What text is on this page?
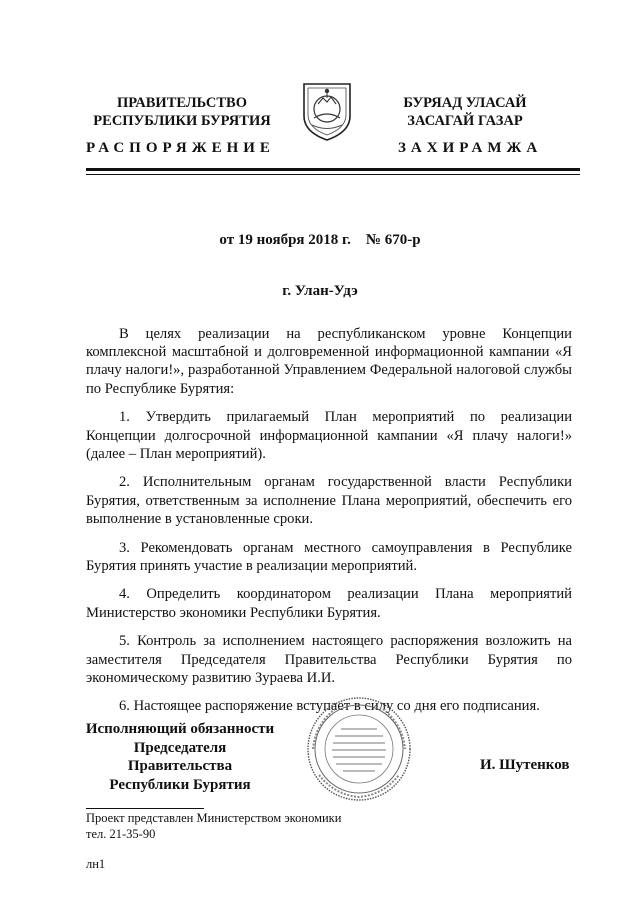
ПРАВИТЕЛЬСТВО
РЕСПУБЛИКИ БУРЯТИЯ
БУРЯАД УЛАСАЙ
ЗАСАГАЙ ГАЗАР
РАСПОРЯЖЕНИЕ	ЗАХИРАМЖА
от 19 ноября 2018 г. № 670-р
г. Улан-Удэ

В целях реализации на республиканском уровне Концепции комплексной масштабной и долговременной информационной кампании «Я плачу налоги!», разработанной Управлением Федеральной налоговой службы по Республике Бурятия:

1. Утвердить прилагаемый План мероприятий по реализации Концепции долгосрочной информационной кампании «Я плачу налоги!» (далее – План мероприятий).

2. Исполнительным органам государственной власти Республики Бурятия, ответственным за исполнение Плана мероприятий, обеспечить его выполнение в установленные сроки.

3. Рекомендовать органам местного самоуправления в Республике Бурятия принять участие в реализации мероприятий.

4. Определить координатором реализации Плана мероприятий Министерство экономики Республики Бурятия.

5. Контроль за исполнением настоящего распоряжения возложить на заместителя Председателя Правительства Республики Бурятия по экономическому развитию Зураева И.И.

6. Настоящее распоряжение вступает в силу со дня его подписания.

Исполняющий обязанности
Председателя Правительства
Республики Бурятия
И. Шутенков
Проект представлен Министерством экономики
тел. 21-35-90
лн1
